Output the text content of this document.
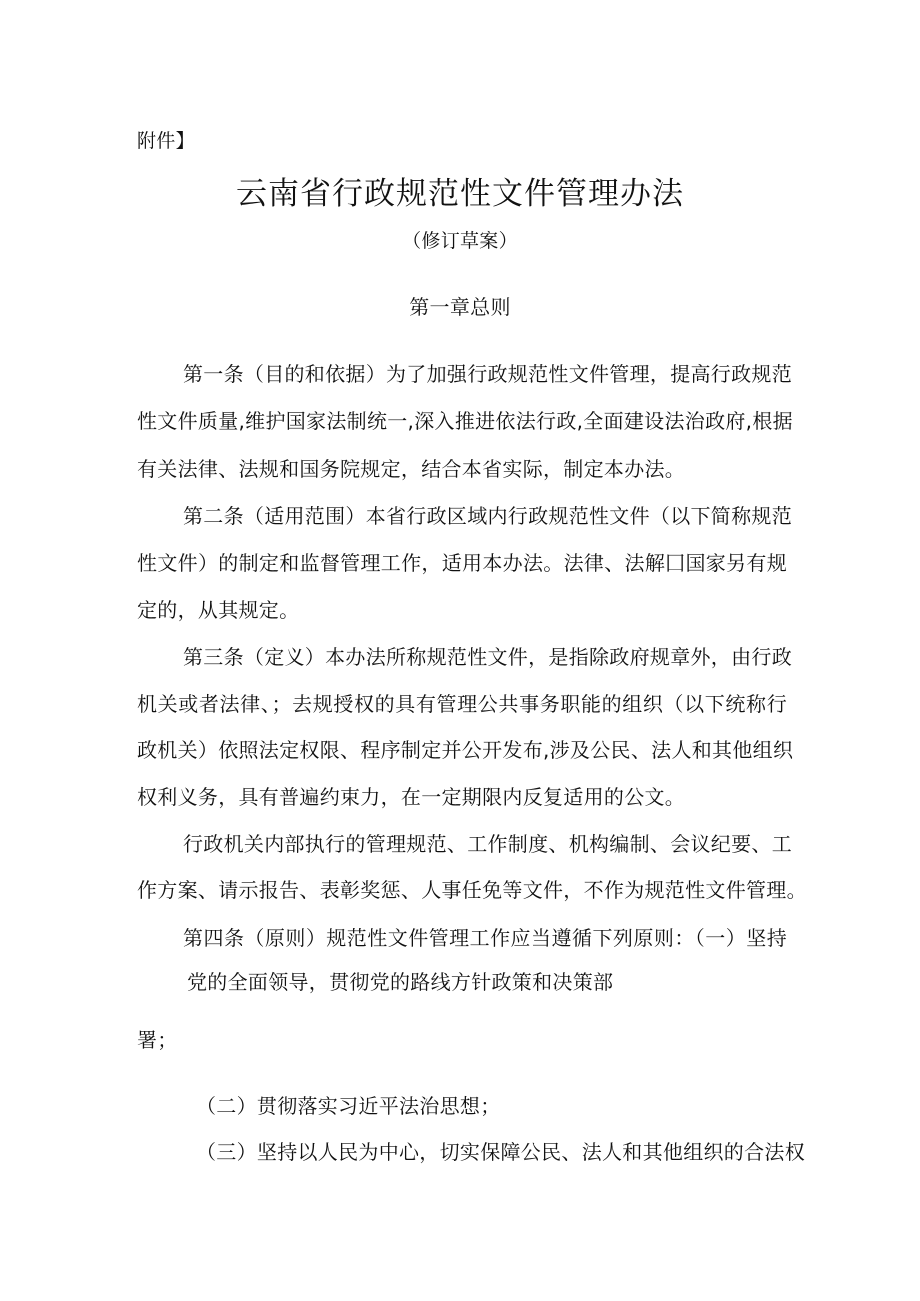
附件】
云南省行政规范性文件管理办法
（修订草案）
第一章总则
第一条（目的和依据）为了加强行政规范性文件管理，提高行政规范
性文件质量,维护国家法制统一,深入推进依法行政,全面建设法治政府,根据
有关法律、法规和国务院规定，结合本省实际，制定本办法。
第二条（适用范围）本省行政区域内行政规范性文件（以下简称规范
性文件）的制定和监督管理工作，适用本办法。法律、法解囗国家另有规
定的，从其规定。
第三条（定义）本办法所称规范性文件，是指除政府规章外，由行政
机关或者法律、；去规授权的具有管理公共事务职能的组织（以下统称行
政机关）依照法定权限、程序制定并公开发布,涉及公民、法人和其他组织
权利义务，具有普遍约束力，在一定期限内反复适用的公文。
行政机关内部执行的管理规范、工作制度、机构编制、会议纪要、工
作方案、请示报告、表彰奖惩、人事任免等文件，不作为规范性文件管理。
第四条（原则）规范性文件管理工作应当遵循下列原则：（一）坚持
党的全面领导，贯彻党的路线方针政策和决策部
署；
（二）贯彻落实习近平法治思想；
（三）坚持以人民为中心，切实保障公民、法人和其他组织的合法权
